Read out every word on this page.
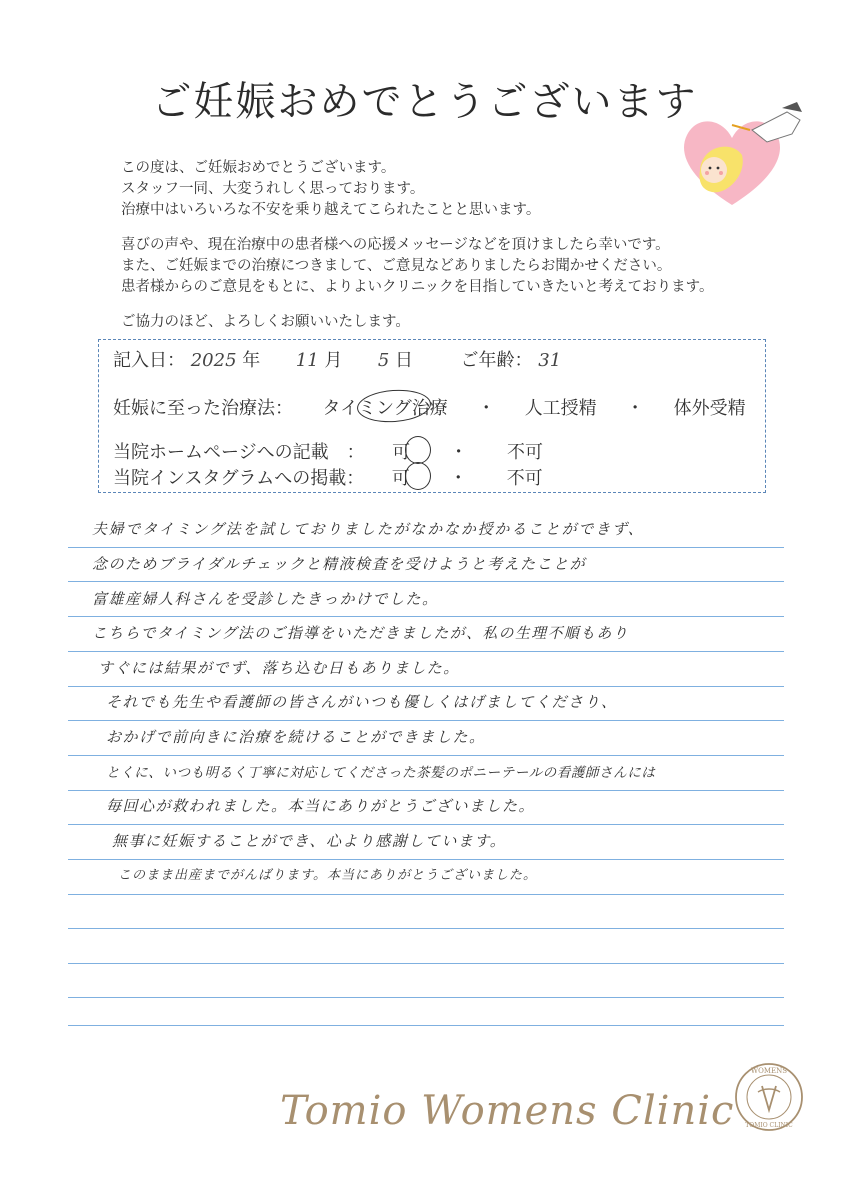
ご妊娠おめでとうございます

この度は、ご妊娠おめでとうございます。

スタッフ一同、大変うれしく思っております。

治療中はいろいろな不安を乗り越えてこられたことと思います。

喜びの声や、現在治療中の患者様への応援メッセージなどを頂けましたら幸いです。

また、ご妊娠までの治療につきまして、ご意見などありましたらお聞かせください。

患者様からのご意見をもとに、よりよいクリニックを目指していきたいと考えております。

ご協力のほど、よろしくお願いいたします。

記入日： 2025 年 11 月 5 日	ご年齢： 31
妊娠に至った治療法： タイミング治療 ・ 人工授精 ・ 体外受精
当院ホームページへの記載　： 可 ・ 不可
当院インスタグラムへの掲載： 可 ・ 不可
夫婦でタイミング法を試しておりましたがなかなか授かることができず、
念のためブライダルチェックと精液検査を受けようと考えたことが
富雄産婦人科さんを受診したきっかけでした。
こちらでタイミング法のご指導をいただきましたが、私の生理不順もあり
すぐには結果がでず、落ち込む日もありました。
それでも先生や看護師の皆さんがいつも優しくはげましてくださり、
おかげで前向きに治療を続けることができました。
とくに、いつも明るく丁寧に対応してくださった茶髪のポニーテールの看護師さんには
毎回心が救われました。本当にありがとうございました。
無事に妊娠することができ、心より感謝しています。
このまま出産までがんばります。本当にありがとうございました。
Tomio Womens Clinic
WOMENS
TOMIO CLINIC
